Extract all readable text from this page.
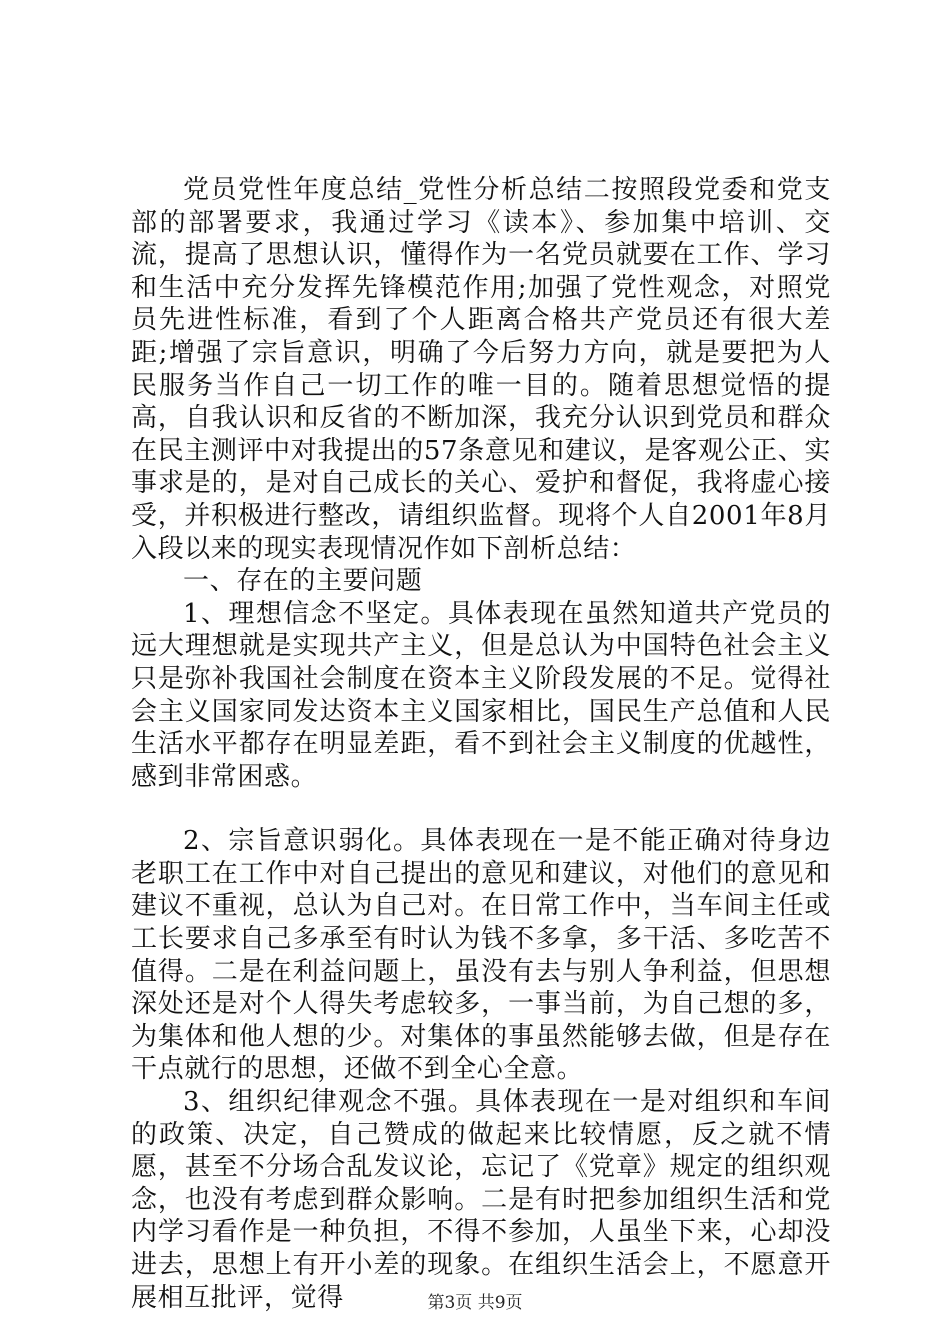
党员党性年度总结_党性分析总结二按照段党委和党支部的部署要求，我通过学习《读本》、参加集中培训、交流，提高了思想认识，懂得作为一名党员就要在工作、学习和生活中充分发挥先锋模范作用;加强了党性观念，对照党员先进性标准，看到了个人距离合格共产党员还有很大差距;增强了宗旨意识，明确了今后努力方向，就是要把为人民服务当作自己一切工作的唯一目的。随着思想觉悟的提高，自我认识和反省的不断加深，我充分认识到党员和群众在民主测评中对我提出的57条意见和建议，是客观公正、实事求是的，是对自己成长的关心、爱护和督促，我将虚心接受，并积极进行整改，请组织监督。现将个人自2001年8月入段以来的现实表现情况作如下剖析总结：

一、存在的主要问题

1、理想信念不坚定。具体表现在虽然知道共产党员的远大理想就是实现共产主义，但是总认为中国特色社会主义只是弥补我国社会制度在资本主义阶段发展的不足。觉得社会主义国家同发达资本主义国家相比，国民生产总值和人民生活水平都存在明显差距，看不到社会主义制度的优越性，感到非常困惑。

2、宗旨意识弱化。具体表现在一是不能正确对待身边老职工在工作中对自己提出的意见和建议，对他们的意见和建议不重视，总认为自己对。在日常工作中，当车间主任或工长要求自己多承至有时认为钱不多拿，多干活、多吃苦不值得。二是在利益问题上，虽没有去与别人争利益，但思想深处还是对个人得失考虑较多，一事当前，为自己想的多，为集体和他人想的少。对集体的事虽然能够去做，但是存在干点就行的思想，还做不到全心全意。

3、组织纪律观念不强。具体表现在一是对组织和车间的政策、决定，自己赞成的做起来比较情愿，反之就不情愿，甚至不分场合乱发议论，忘记了《党章》规定的组织观念，也没有考虑到群众影响。二是有时把参加组织生活和党内学习看作是一种负担，不得不参加，人虽坐下来，心却没进去，思想上有开小差的现象。在组织生活会上，不愿意开展相互批评，觉得	第3页 共9页
